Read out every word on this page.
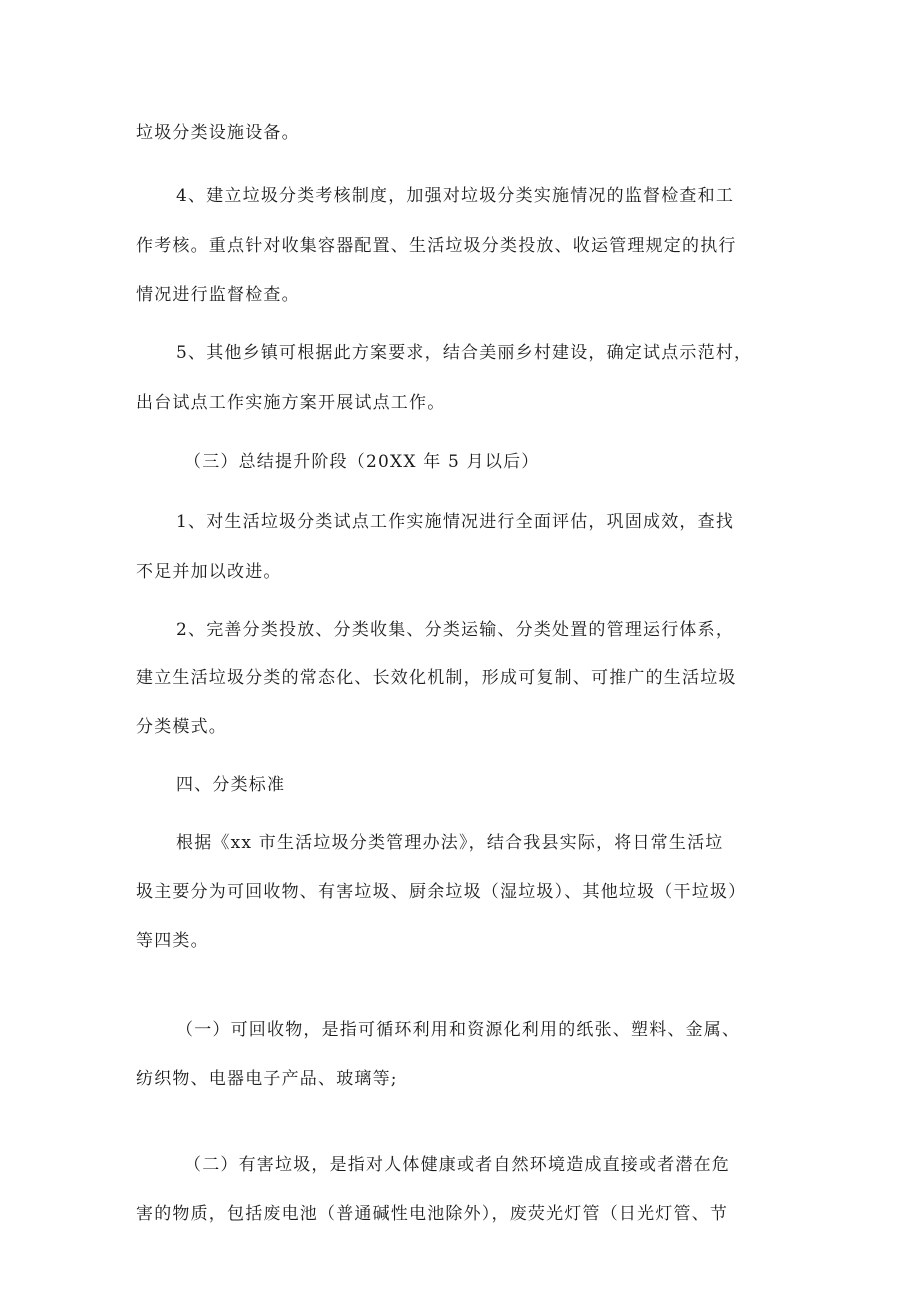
垃圾分类设施设备。
4、建立垃圾分类考核制度，加强对垃圾分类实施情况的监督检查和工
作考核。重点针对收集容器配置、生活垃圾分类投放、收运管理规定的执行
情况进行监督检查。
5、其他乡镇可根据此方案要求，结合美丽乡村建设，确定试点示范村，
出台试点工作实施方案开展试点工作。
（三）总结提升阶段（20XX 年 5 月以后）
1、对生活垃圾分类试点工作实施情况进行全面评估，巩固成效，查找
不足并加以改进。
2、完善分类投放、分类收集、分类运输、分类处置的管理运行体系，
建立生活垃圾分类的常态化、长效化机制，形成可复制、可推广的生活垃圾
分类模式。
四、分类标准
根据《xx 市生活垃圾分类管理办法》，结合我县实际，将日常生活垃
圾主要分为可回收物、有害垃圾、厨余垃圾（湿垃圾）、其他垃圾（干垃圾）
等四类。
（一）可回收物，是指可循环利用和资源化利用的纸张、塑料、金属、
纺织物、电器电子产品、玻璃等;
（二）有害垃圾，是指对人体健康或者自然环境造成直接或者潜在危
害的物质，包括废电池（普通碱性电池除外），废荧光灯管（日光灯管、节
